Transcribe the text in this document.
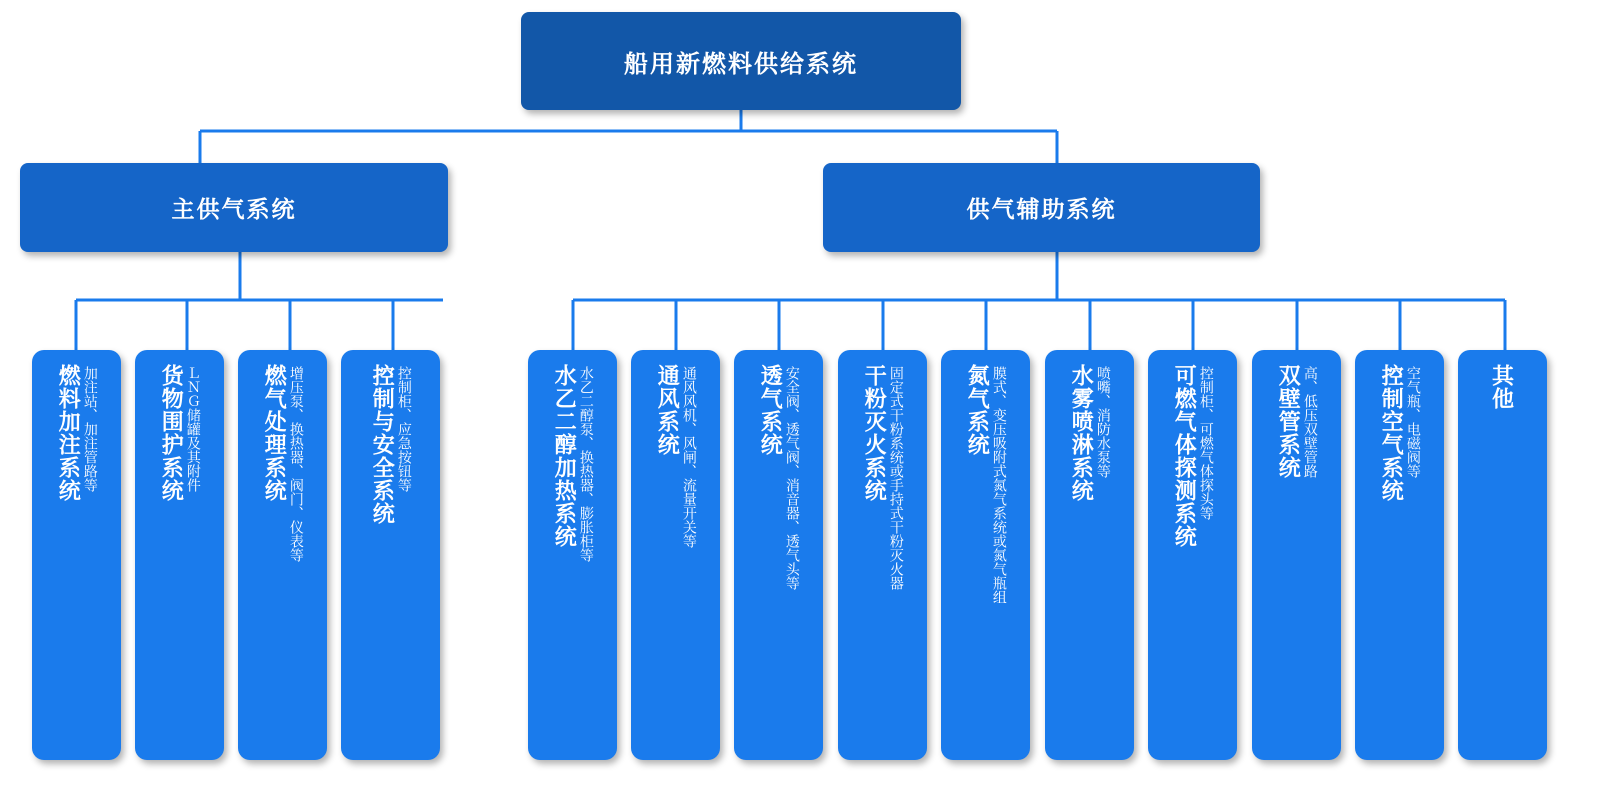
船用新燃料供给系统
主供气系统	供气辅助系统
燃料加注系统 加注站、加注管路等	货物围护系统 ＬＮＧ储罐及其附件	燃气处理系统 增压泵、换热器、阀门、仪表等	控制与安全系统 控制柜、应急按钮等	水乙二醇加热系统 水乙二醇泵、换热器、膨胀柜等	通风系统 通风风机、风闸、流量开关等	透气系统 安全阀、透气阀、消音器、透气头等	干粉灭火系统 固定式干粉系统或手持式干粉灭火器	氮气系统 膜式、变压吸附式氮气系统或氮气瓶组	水雾喷淋系统 喷嘴、消防水泵等	可燃气体探测系统 控制柜、可燃气体探头等	双壁管系统 高、低压双壁管路	控制空气系统 空气瓶、电磁阀等	其他
